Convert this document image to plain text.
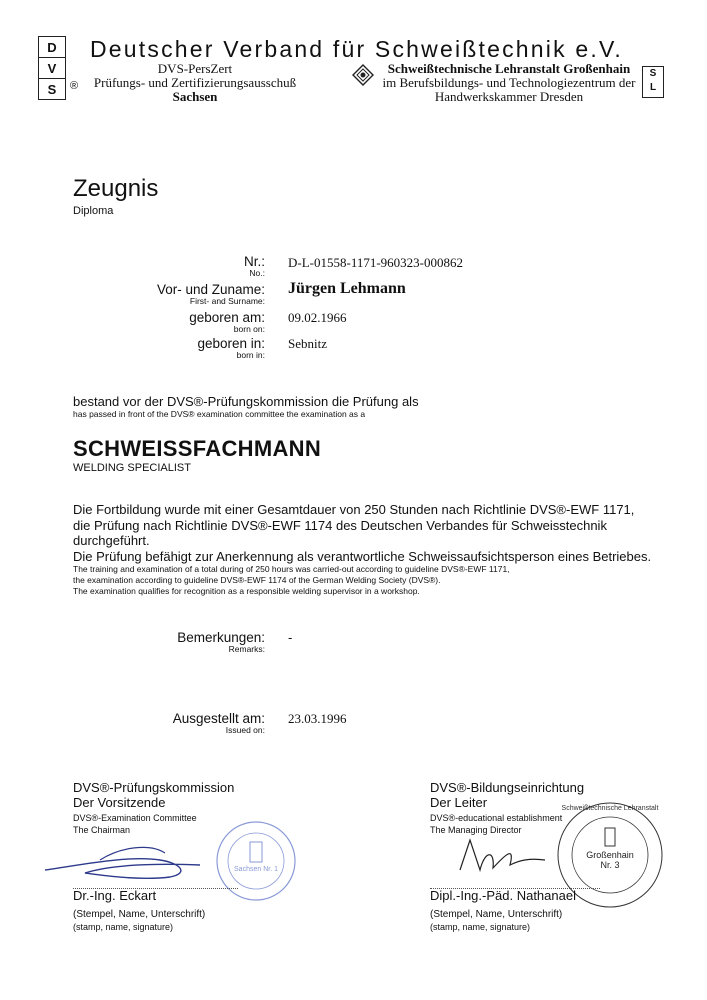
D
V
S	®
Deutscher Verband für Schweißtechnik e.V.
DVS-PersZert
Prüfungs- und Zertifizierungsausschuß
Sachsen
Schweißtechnische Lehranstalt Großenhain
im Berufsbildungs- und Technologiezentrum der
Handwerkskammer Dresden
S
L
Zeugnis
Diploma
Nr.:
No.:
D-L-01558-1171-960323-000862
Vor- und Zuname:
First- and Surname:
Jürgen Lehmann
geboren am:
born on:
09.02.1966
geboren in:
born in:
Sebnitz
bestand vor der DVS®-Prüfungskommission die Prüfung als
has passed in front of the DVS® examination committee the examination as a
SCHWEISSFACHMANN
WELDING SPECIALIST
Die Fortbildung wurde mit einer Gesamtdauer von 250 Stunden nach Richtlinie DVS®-EWF 1171,
die Prüfung nach Richtlinie DVS®-EWF 1174 des Deutschen Verbandes für Schweisstechnik
durchgeführt.
Die Prüfung befähigt zur Anerkennung als verantwortliche Schweissaufsichtsperson eines Betriebes.
The training and examination of a total during of 250 hours was carried-out according to guideline DVS®-EWF 1171,
the examination according to guideline DVS®-EWF 1174 of the German Welding Society (DVS®).
The examination qualifies for recognition as a responsible welding supervisor in a workshop.
Bemerkungen:
Remarks:
-
Ausgestellt am:
Issued on:
23.03.1996
DVS®-Prüfungskommission
Der Vorsitzende
DVS®-Examination Committee
The Chairman
Sachsen Nr. 1
Dr.-Ing. Eckart
(Stempel, Name, Unterschrift)
(stamp, name, signature)
DVS®-Bildungseinrichtung
Der Leiter
DVS®-educational establishment
The Managing Director
Schweißtechnische Lehranstalt
Großenhain
Nr. 3
Dipl.-Ing.-Päd. Nathanael
(Stempel, Name, Unterschrift)
(stamp, name, signature)
